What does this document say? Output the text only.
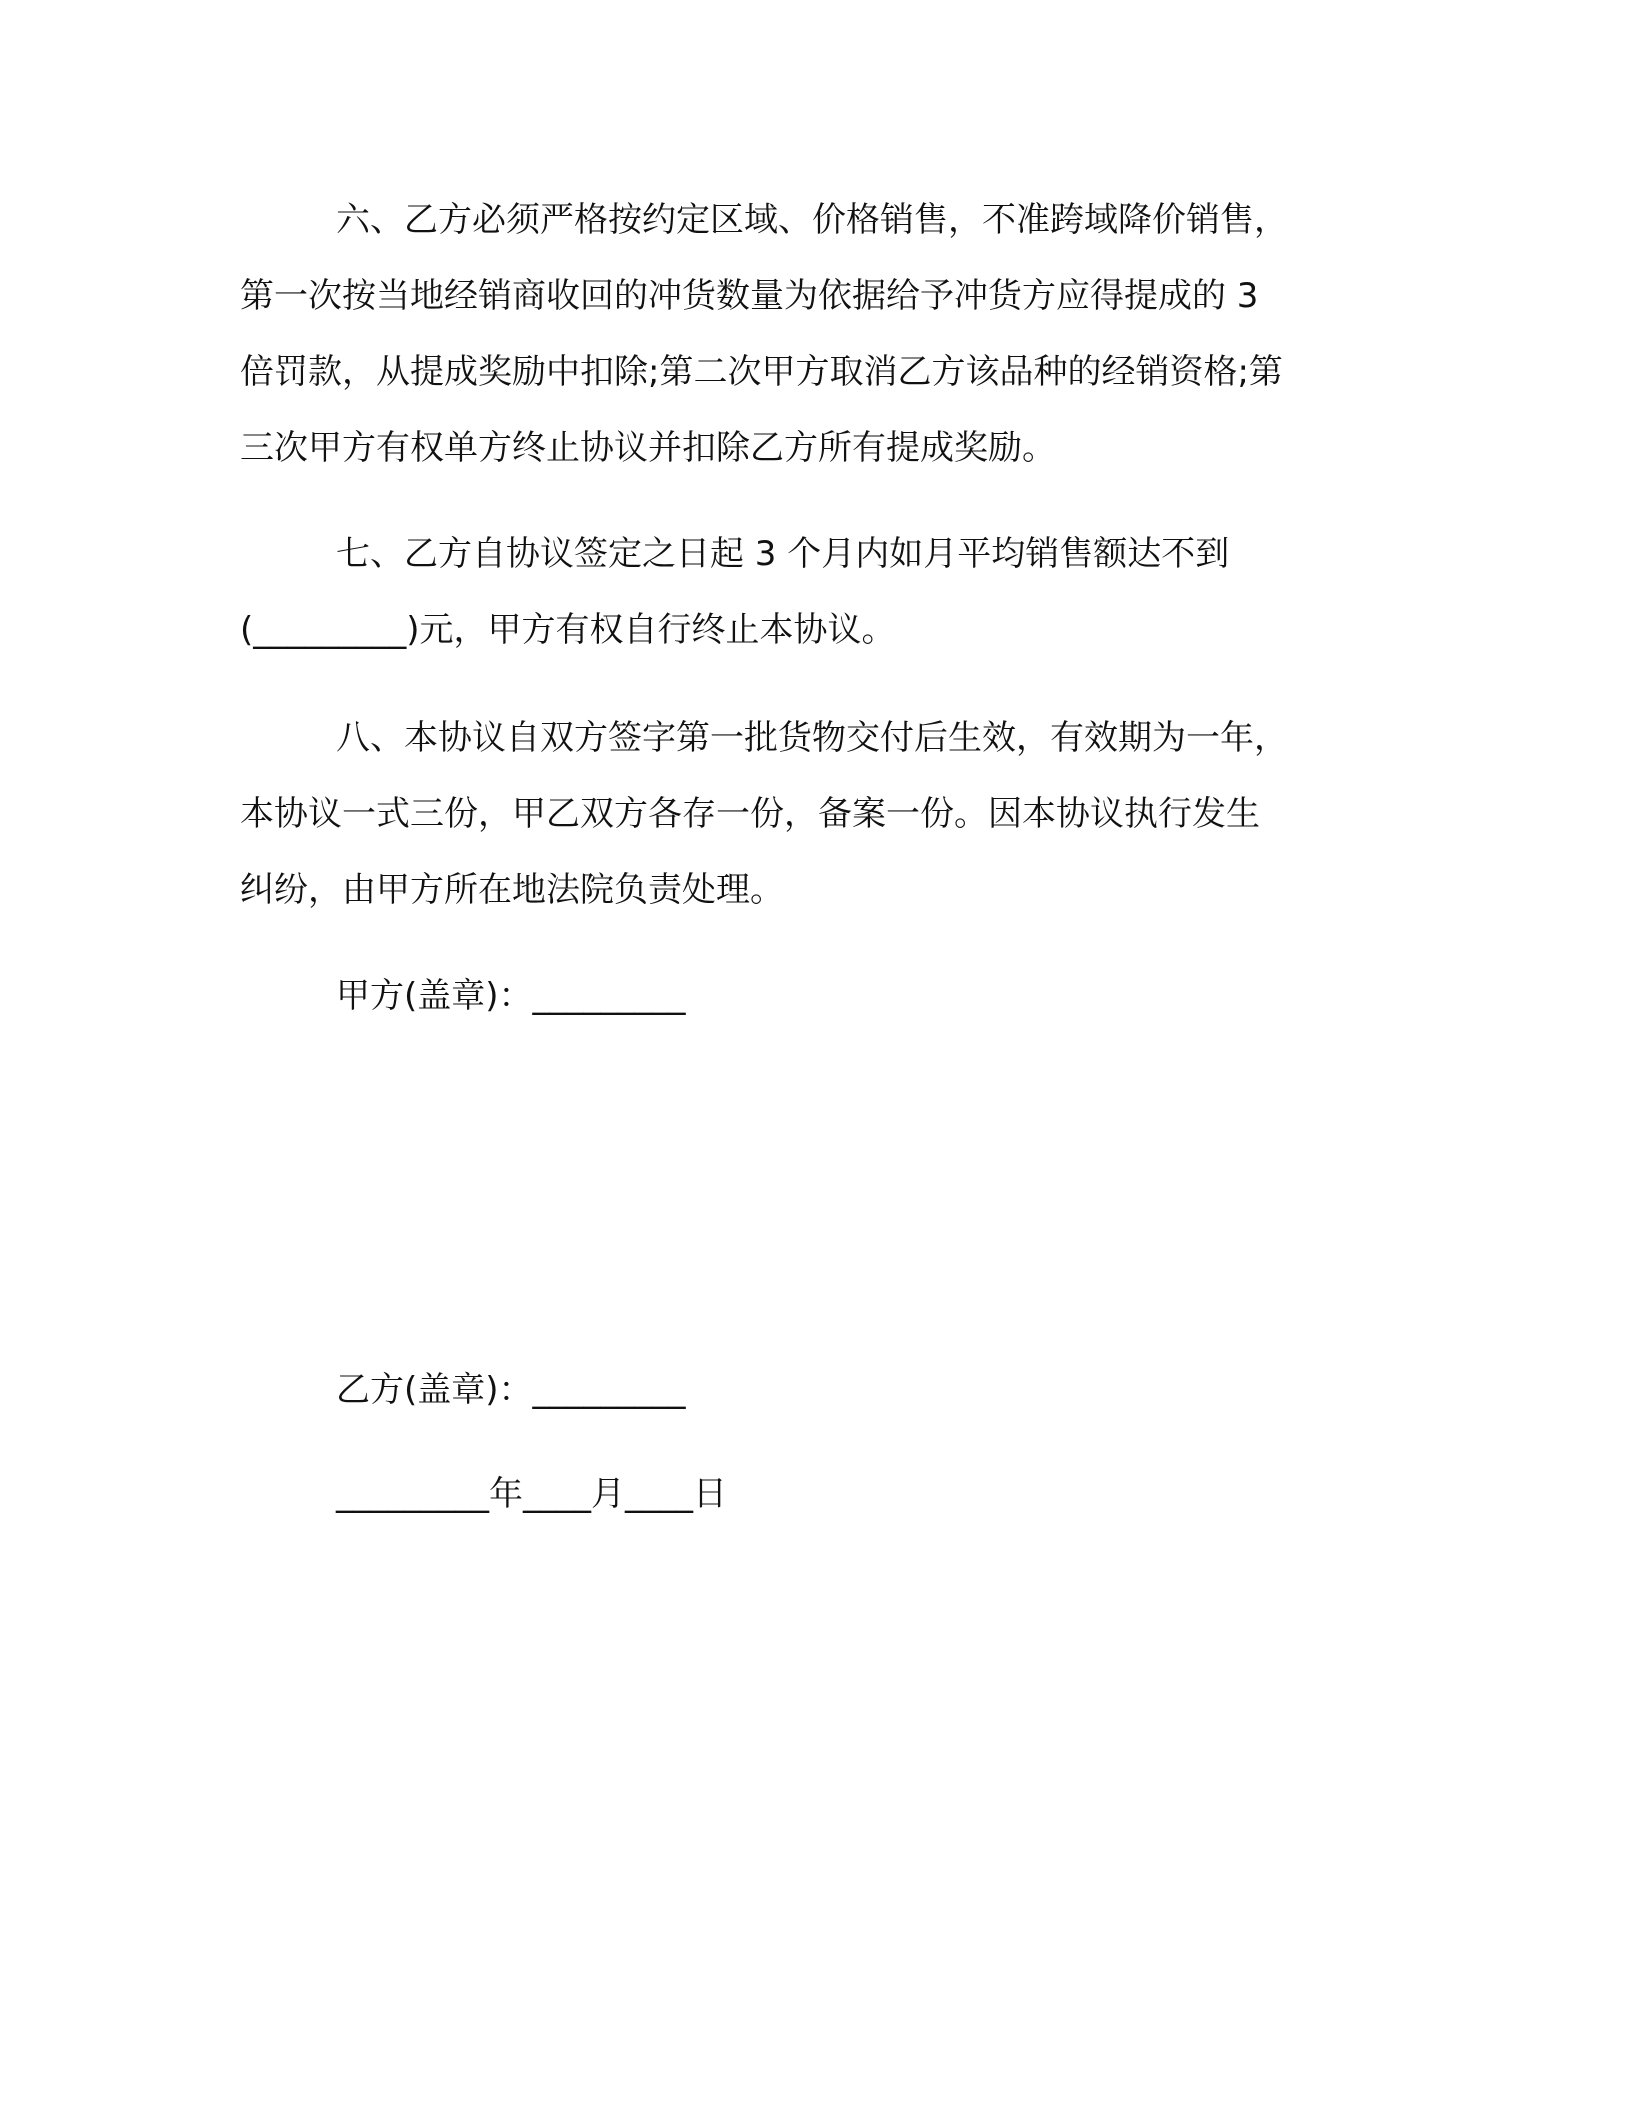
六、乙方必须严格按约定区域、价格销售，不准跨域降价销售，
第一次按当地经销商收回的冲货数量为依据给予冲货方应得提成的 3
倍罚款，从提成奖励中扣除;第二次甲方取消乙方该品种的经销资格;第
三次甲方有权单方终止协议并扣除乙方所有提成奖励。
七、乙方自协议签定之日起 3 个月内如月平均销售额达不到
(_________)元，甲方有权自行终止本协议。
八、本协议自双方签字第一批货物交付后生效，有效期为一年，
本协议一式三份，甲乙双方各存一份，备案一份。因本协议执行发生
纠纷，由甲方所在地法院负责处理。
甲方(盖章)：_________
乙方(盖章)：_________
_________年____月____日
